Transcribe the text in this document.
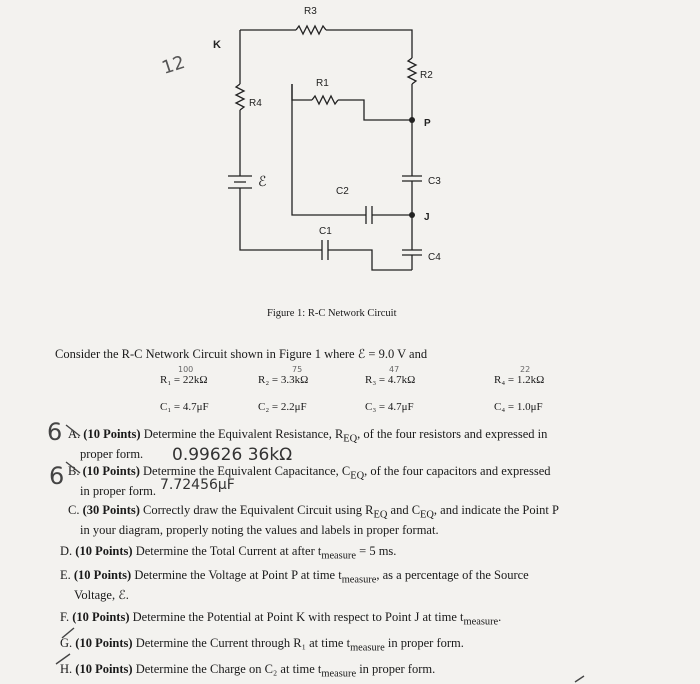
R3
R2
R1
R4
C3
C2
C1
C4
P
J
K
ℰ
12
Figure 1: R-C Network Circuit
Consider the R-C Network Circuit shown in Figure 1 where ℰ = 9.0 V and
100	75	47	22
R₁ = 22kΩ	R₂ = 3.3kΩ	R₃ = 4.7kΩ	R₄ = 1.2kΩ
C₁ = 4.7μF	C₂ = 2.2μF	C₃ = 4.7μF	C₄ = 1.0μF
6
6
A. (10 Points) Determine the Equivalent Resistance, $R_{EQ}$, of the four resistors and expressed in
proper form.	0.99626 36kΩ
B. (10 Points) Determine the Equivalent Capacitance, $C_{EQ}$, of the four capacitors and expressed
in proper form. 7.72456μF
C. (30 Points) Correctly draw the Equivalent Circuit using $R_{EQ}$ and $C_{EQ}$, and indicate the Point P
in your diagram, properly noting the values and labels in proper format.
D. (10 Points) Determine the Total Current at after $t_{measure} = 5$ ms.
E. (10 Points) Determine the Voltage at Point P at time $t_{measure}$, as a percentage of the Source
Voltage, ℰ.
F. (10 Points) Determine the Potential at Point K with respect to Point J at time $t_{measure}$.
G. (10 Points) Determine the Current through R₁ at time $t_{measure}$ in proper form.
H. (10 Points) Determine the Charge on C₂ at time $t_{measure}$ in proper form.
